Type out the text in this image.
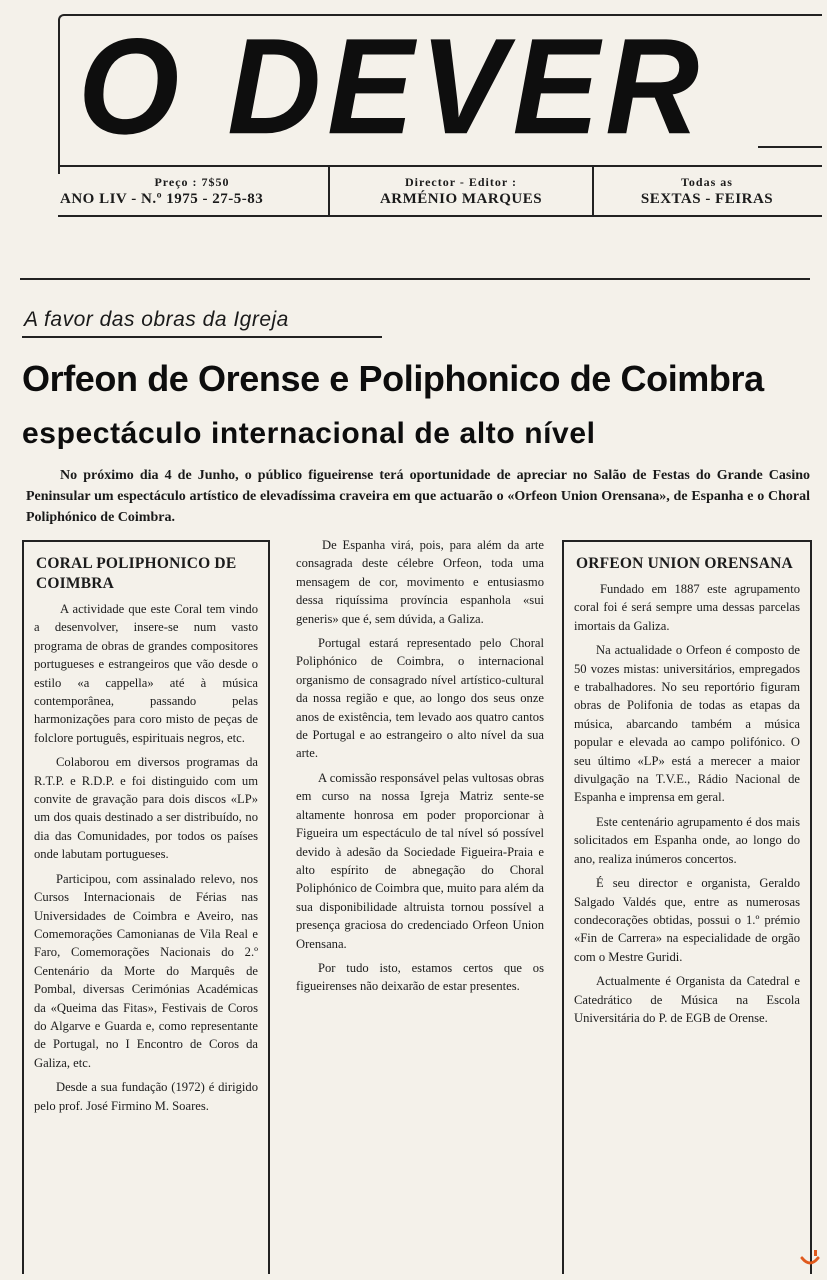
O DEVER
Preço : 7$50
ANO LIV - N.º 1975 - 27-5-83
Director - Editor :
ARMÉNIO MARQUES
Todas as
SEXTAS - FEIRAS
A favor das obras da Igreja
Orfeon de Orense e Poliphonico de Coimbra
espectáculo internacional de alto nível
No próximo dia 4 de Junho, o público figueirense terá oportunidade de apreciar no Salão de Festas do Grande Casino Peninsular um espectáculo artístico de elevadíssima craveira em que actuarão o «Orfeon Union Orensana», de Espanha e o Choral Poliphónico de Coimbra.
CORAL POLIPHONICO DE COIMBRA

A actividade que este Coral tem vindo a desenvolver, insere-se num vasto programa de obras de grandes compositores portugueses e estrangeiros que vão desde o estilo «a cappella» até à música contemporânea, passando pelas harmonizações para coro misto de peças de folclore português, espirituais negros, etc.

Colaborou em diversos programas da R.T.P. e R.D.P. e foi distinguido com um convite de gravação para dois discos «LP» um dos quais destinado a ser distribuído, no dia das Comunidades, por todos os países onde labutam portugueses.

Participou, com assinalado relevo, nos Cursos Internacionais de Férias nas Universidades de Coimbra e Aveiro, nas Comemorações Camonianas de Vila Real e Faro, Comemorações Nacionais do 2.º Centenário da Morte do Marquês de Pombal, diversas Cerimónias Académicas da «Queima das Fitas», Festivais de Coros do Algarve e Guarda e, como representante de Portugal, no I Encontro de Coros da Galiza, etc.

Desde a sua fundação (1972) é dirigido pelo prof. José Firmino M. Soares.

De Espanha virá, pois, para além da arte consagrada deste célebre Orfeon, toda uma mensagem de cor, movimento e entusiasmo dessa riquíssima província espanhola «sui generis» que é, sem dúvida, a Galiza.

Portugal estará representado pelo Choral Poliphónico de Coimbra, o internacional organismo de consagrado nível artístico-cultural da nossa região e que, ao longo dos seus onze anos de existência, tem levado aos quatro cantos de Portugal e ao estrangeiro o alto nível da sua arte.

A comissão responsável pelas vultosas obras em curso na nossa Igreja Matriz sente-se altamente honrosa em poder proporcionar à Figueira um espectáculo de tal nível só possível devido à adesão da Sociedade Figueira-Praia e alto espírito de abnegação do Choral Poliphónico de Coimbra que, muito para além da sua disponibilidade altruista tornou possível a presença graciosa do credenciado Orfeon Union Orensana.

Por tudo isto, estamos certos que os figueirenses não deixarão de estar presentes.

ORFEON UNION ORENSANA

Fundado em 1887 este agrupamento coral foi é será sempre uma dessas parcelas imortais da Galiza.

Na actualidade o Orfeon é composto de 50 vozes mistas: universitários, empregados e trabalhadores. No seu reportório figuram obras de Polifonia de todas as etapas da música, abarcando também a música popular e elevada ao campo polifónico. O seu último «LP» está a merecer a maior divulgação na T.V.E., Rádio Nacional de Espanha e imprensa em geral.

Este centenário agrupamento é dos mais solicitados em Espanha onde, ao longo do ano, realiza inúmeros concertos.

É seu director e organista, Geraldo Salgado Valdés que, entre as numerosas condecorações obtidas, possui o 1.º prémio «Fin de Carrera» na especialidade de orgão com o Mestre Guridi.

Actualmente é Organista da Catedral e Catedrático de Música na Escola Universitária do P. de EGB de Orense.
